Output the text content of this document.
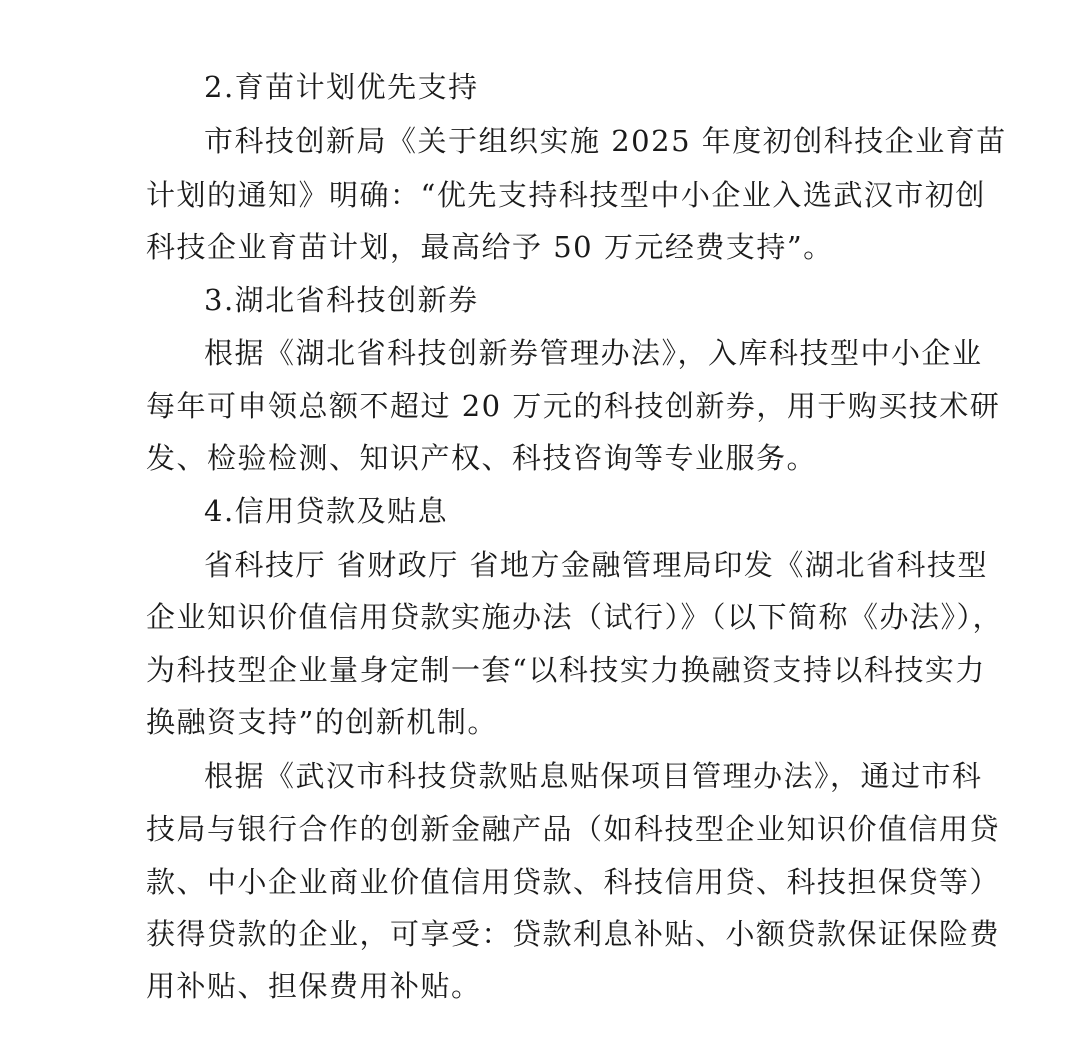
2.育苗计划优先支持
市科技创新局《关于组织实施 2025 年度初创科技企业育苗
计划的通知》明确：“优先支持科技型中小企业入选武汉市初创
科技企业育苗计划，最高给予 50 万元经费支持”。
3.湖北省科技创新券
根据《湖北省科技创新券管理办法》，入库科技型中小企业
每年可申领总额不超过 20 万元的科技创新券，用于购买技术研
发、检验检测、知识产权、科技咨询等专业服务。
4.信用贷款及贴息
省科技厅 省财政厅 省地方金融管理局印发《湖北省科技型
企业知识价值信用贷款实施办法（试行）》（以下简称《办法》），
为科技型企业量身定制一套“以科技实力换融资支持以科技实力
换融资支持”的创新机制。
根据《武汉市科技贷款贴息贴保项目管理办法》，通过市科
技局与银行合作的创新金融产品（如科技型企业知识价值信用贷
款、中小企业商业价值信用贷款、科技信用贷、科技担保贷等）
获得贷款的企业，可享受：贷款利息补贴、小额贷款保证保险费
用补贴、担保费用补贴。
